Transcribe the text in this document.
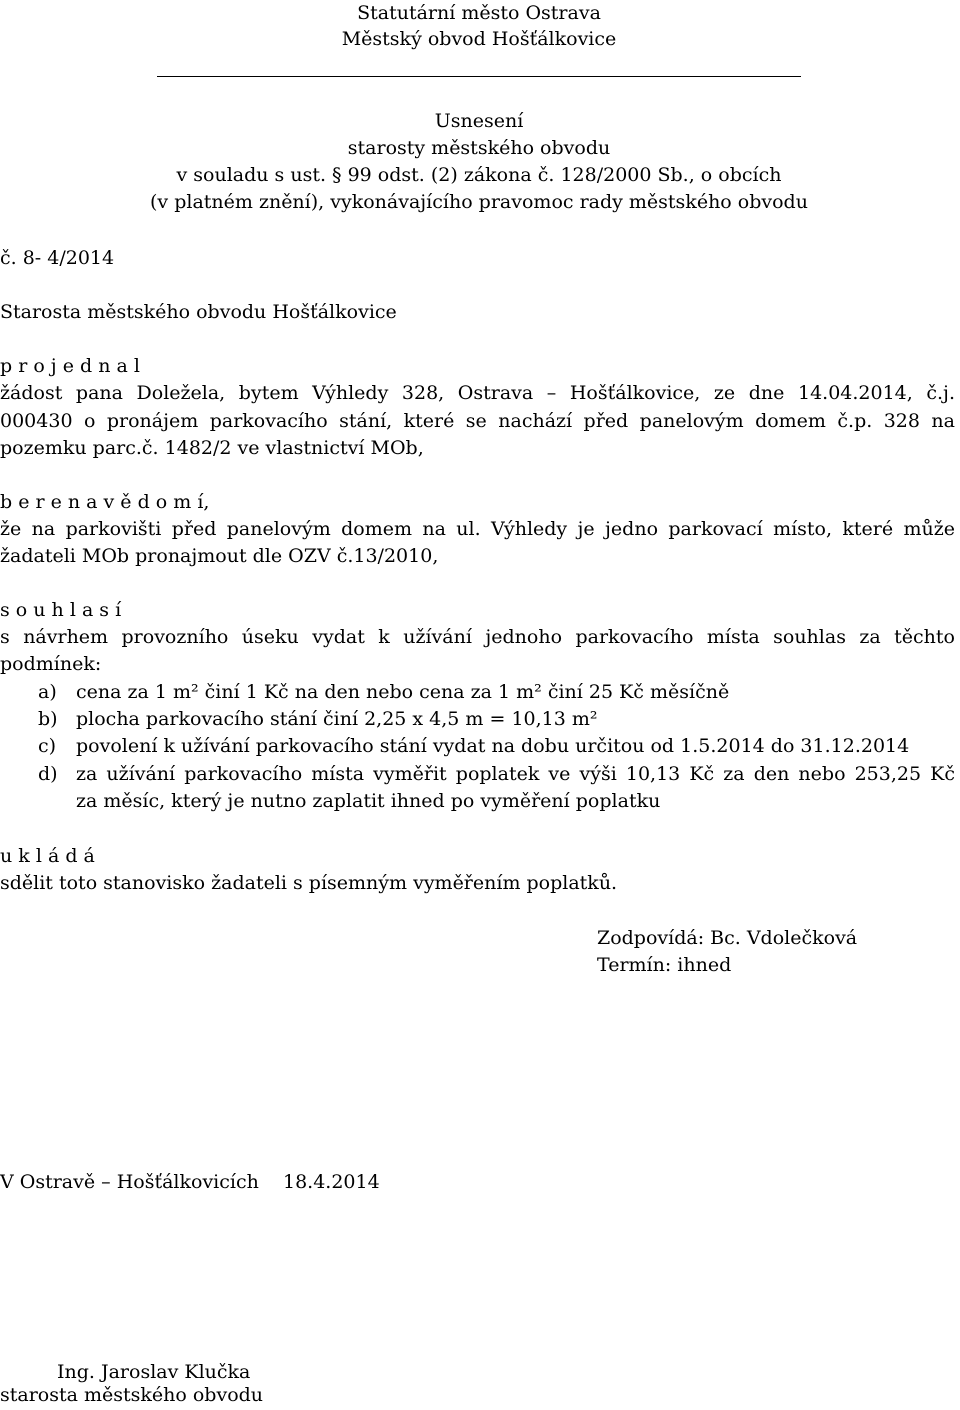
Statutární město Ostrava
Městský obvod Hošťálkovice
Usnesení
starosty městského obvodu
v souladu s ust. § 99 odst. (2) zákona č. 128/2000 Sb., o obcích
(v platném znění), vykonávajícího pravomoc rady městského obvodu
č. 8- 4/2014
Starosta městského obvodu Hošťálkovice
p r o j e d n a l
žádost pana Doležela, bytem Výhledy 328, Ostrava – Hošťálkovice, ze dne 14.04.2014, č.j.
000430 o pronájem parkovacího stání, které se nachází před panelovým domem č.p. 328 na
pozemku parc.č. 1482/2 ve vlastnictví MOb,
b e r e n a v ě d o m í,
že na parkovišti před panelovým domem na ul. Výhledy je jedno parkovací místo, které může
žadateli MOb pronajmout dle OZV č.13/2010,
s o u h l a s í
s návrhem provozního úseku vydat k užívání jednoho parkovacího místa souhlas za těchto
podmínek:
a) cena za 1 m² činí 1 Kč na den nebo cena za 1 m² činí 25 Kč měsíčně
b) plocha parkovacího stání činí 2,25 x 4,5 m = 10,13 m²
c) povolení k užívání parkovacího stání vydat na dobu určitou od 1.5.2014 do 31.12.2014
d) za užívání parkovacího místa vyměřit poplatek ve výši 10,13 Kč za den nebo 253,25 Kč
za měsíc, který je nutno zaplatit ihned po vyměření poplatku
u k l á d á
sdělit toto stanovisko žadateli s písemným vyměřením poplatků.
Zodpovídá: Bc. Vdolečková
Termín: ihned
V Ostravě – Hošťálkovicích 18.4.2014
Ing. Jaroslav Klučka
starosta městského obvodu
